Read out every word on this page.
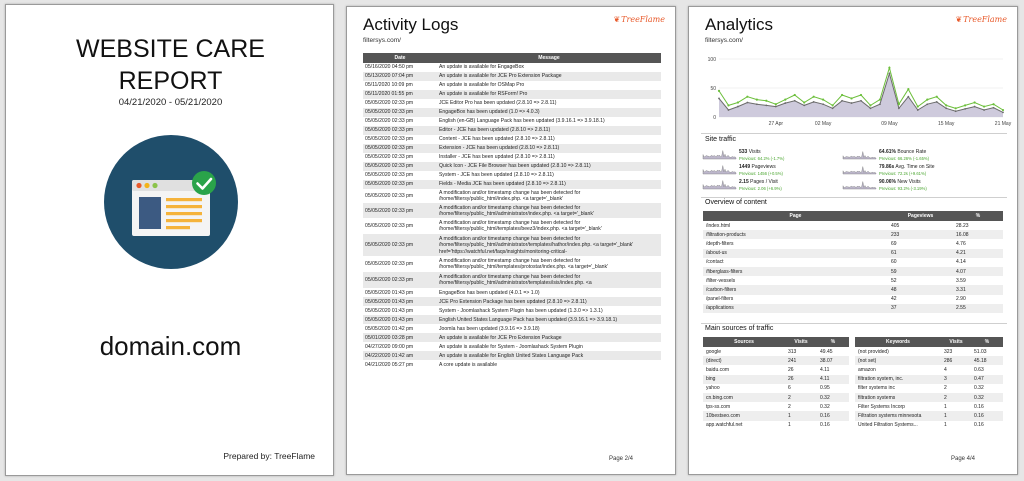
WEBSITE CARE
REPORT
04/21/2020 - 05/21/2020
domain.com
Prepared by: TreeFlame
Activity Logs
filtersys.com/
❦TreeFlame
Date	Message
05/16/2020 04:50 pm	An update is available for EngageBox
05/13/2020 07:04 pm	An update is available for JCE Pro Extension Package
05/11/2020 10:09 pm	An update is available for OSMap Pro
05/11/2020 01:55 pm	An update is available for RSForm! Pro
05/05/2020 02:33 pm	JCE Editor Pro has been updated (2.8.10 => 2.8.11)
05/05/2020 02:33 pm	EngageBox has been updated (1.0 => 4.0.3)
05/05/2020 02:33 pm	English (en-GB) Language Pack has been updated (3.9.16.1 => 3.9.18.1)
05/05/2020 02:33 pm	Editor - JCE has been updated (2.8.10 => 2.8.11)
05/05/2020 02:33 pm	Content - JCE has been updated (2.8.10 => 2.8.11)
05/05/2020 02:33 pm	Extension - JCE has been updated (2.8.10 => 2.8.11)
05/05/2020 02:33 pm	Installer - JCE has been updated (2.8.10 => 2.8.11)
05/05/2020 02:33 pm	Quick Icon - JCE File Browser has been updated (2.8.10 => 2.8.11)
05/05/2020 02:33 pm	System - JCE has been updated (2.8.10 => 2.8.11)
05/05/2020 02:33 pm	Fields - Media JCE has been updated (2.8.10 => 2.8.11)
05/05/2020 02:33 pm	A modification and/or timestamp change has been detected for /home/filtersy/public_html/index.php. <a target='_blank'
05/05/2020 02:33 pm	A modification and/or timestamp change has been detected for /home/filtersy/public_html/administrator/index.php. <a target='_blank'
05/05/2020 02:33 pm	A modification and/or timestamp change has been detected for /home/filtersy/public_html/templates/beez3/index.php. <a target='_blank'
05/05/2020 02:33 pm	A modification and/or timestamp change has been detected for /home/filtersy/public_html/administrator/templates/hathor/index.php. <a target='_blank' href='https://watchful.net/faqs/insights/monitoring-critical-
05/05/2020 02:33 pm	A modification and/or timestamp change has been detected for /home/filtersy/public_html/templates/protostar/index.php. <a target='_blank'
05/05/2020 02:33 pm	A modification and/or timestamp change has been detected for /home/filtersy/public_html/administrator/templates/isis/index.php. <a
05/05/2020 01:43 pm	EngageBox has been updated (4.0.1 => 1.0)
05/05/2020 01:43 pm	JCE Pro Extension Package has been updated (2.8.10 => 2.8.11)
05/05/2020 01:43 pm	System - Joomlashack System Plugin has been updated (1.3.0 => 1.3.1)
05/05/2020 01:43 pm	English United States Language Pack has been updated (3.9.16.1 => 3.9.18.1)
05/05/2020 01:42 pm	Joomla has been updated (3.9.16 => 3.9.18)
05/01/2020 03:28 pm	An update is available for JCE Pro Extension Package
04/27/2020 09:00 pm	An update is available for System - Joomlashack System Plugin
04/22/2020 01:42 am	An update is available for English United States Language Pack
04/21/2020 05:27 pm	A core update is available
Page 2/4
Analytics
filtersys.com/
❦TreeFlame
0
50
100
27 Apr	02 May	09 May	15 May	21 May
Site traffic
533 Visits
Previous: 64.2% (-1.7%)
64.61% Bounce Rate
Previous: 66.26% (-1.65%)
1449 Pageviews
Previous: 1456 (+0.5%)
79.86s Avg. Time on Site
Previous: 72.2s (+9.61%)
2.15 Pages / Visit
Previous: 2.06 (+6.9%)
90.06% New Visits
Previous: 93.2% (-3.19%)
Overview of content
Page	Pageviews	%
/index.html	405	28.23
/filtration-products	233	16.08
/depth-filters	69	4.76
/about-us	61	4.21
/contact	60	4.14
/fiberglass-filters	59	4.07
/filter-vessels	52	3.59
/carbon-filters	48	3.31
/panel-filters	42	2.90
/applications	37	2.55
Main sources of traffic
Sources	Visits	%
google	313	49.45
(direct)	241	38.07
baidu.com	26	4.11
bing	26	4.11
yahoo	6	0.95
cn.bing.com	2	0.32
tps-ss.com	2	0.32
10bestseo.com	1	0.16
app.watchful.net	1	0.16
Keywords	Visits	%
(not provided)	323	51.03
(not set)	286	45.18
amazon	4	0.63
filtration system, inc.	3	0.47
filter systems inc	2	0.32
filtration systems	2	0.32
Filter Systems Incorp	1	0.16
Filtration systems minnesota	1	0.16
United Filtration Systems...	1	0.16
Page 4/4
